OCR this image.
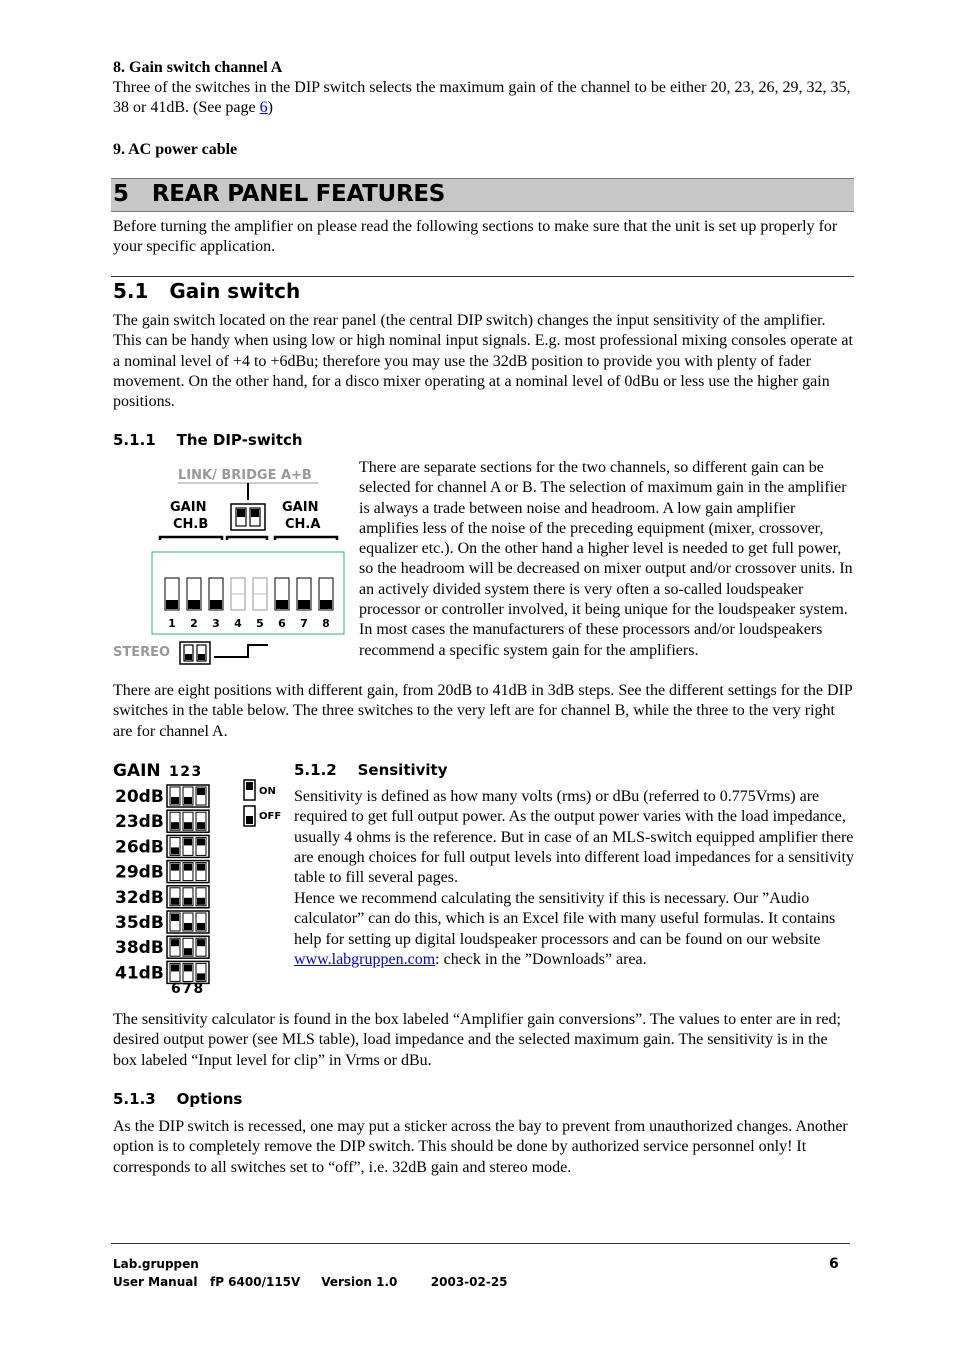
8. Gain switch channel A
Three of the switches in the DIP switch selects the maximum gain of the channel to be either 20, 23, 26, 29, 32, 35, 38 or 41dB. (See page 6)
9. AC power cable
5   REAR PANEL FEATURES
Before turning the amplifier on please read the following sections to make sure that the unit is set up properly for your specific application.
5.1   Gain switch
The gain switch located on the rear panel (the central DIP switch) changes the input sensitivity of the amplifier. This can be handy when using low or high nominal input signals. E.g. most professional mixing consoles operate at a nominal level of +4 to +6dBu; therefore you may use the 32dB position to provide you with plenty of fader movement. On the other hand, for a disco mixer operating at a nominal level of 0dBu or less use the higher gain positions.
5.1.1    The DIP-switch
LINK/ BRIDGE A+B
GAIN
CH.B
GAIN
CH.A
1 2 3 4 5 6 7 8
STEREO
There are separate sections for the two channels, so different gain can be selected for channel A or B. The selection of maximum gain in the amplifier is always a trade between noise and headroom. A low gain amplifier amplifies less of the noise of the preceding equipment (mixer, crossover, equalizer etc.). On the other hand a higher level is needed to get full power, so the headroom will be decreased on mixer output and/or crossover units. In an actively divided system there is very often a so-called loudspeaker processor or controller involved, it being unique for the loudspeaker system. In most cases the manufacturers of these processors and/or loudspeakers recommend a specific system gain for the amplifiers.
There are eight positions with different gain, from 20dB to 41dB in 3dB steps. See the different settings for the DIP switches in the table below. The three switches to the very left are for channel B, while the three to the very right are for channel A.
GAIN 123
20dB
23dB
26dB
29dB
32dB
35dB
38dB
41dB
678
ON
OFF
5.1.2    Sensitivity
Sensitivity is defined as how many volts (rms) or dBu (referred to 0.775Vrms) are required to get full output power. As the output power varies with the load impedance, usually 4 ohms is the reference. But in case of an MLS-switch equipped amplifier there are enough choices for full output levels into different load impedances for a sensitivity table to fill several pages.
Hence we recommend calculating the sensitivity if this is necessary. Our ”Audio calculator” can do this, which is an Excel file with many useful formulas. It contains help for setting up digital loudspeaker processors and can be found on our website www.labgruppen.com: check in the ”Downloads” area.
The sensitivity calculator is found in the box labeled “Amplifier gain conversions”. The values to enter are in red; desired output power (see MLS table), load impedance and the selected maximum gain. The sensitivity is in the box labeled “Input level for clip” in Vrms or dBu.
5.1.3    Options
As the DIP switch is recessed, one may put a sticker across the bay to prevent from unauthorized changes. Another option is to completely remove the DIP switch. This should be done by authorized service personnel only! It corresponds to all switches set to “off”, i.e. 32dB gain and stereo mode.
Lab.gruppen
User Manual   fP 6400/115V     Version 1.0        2003-02-25
6
